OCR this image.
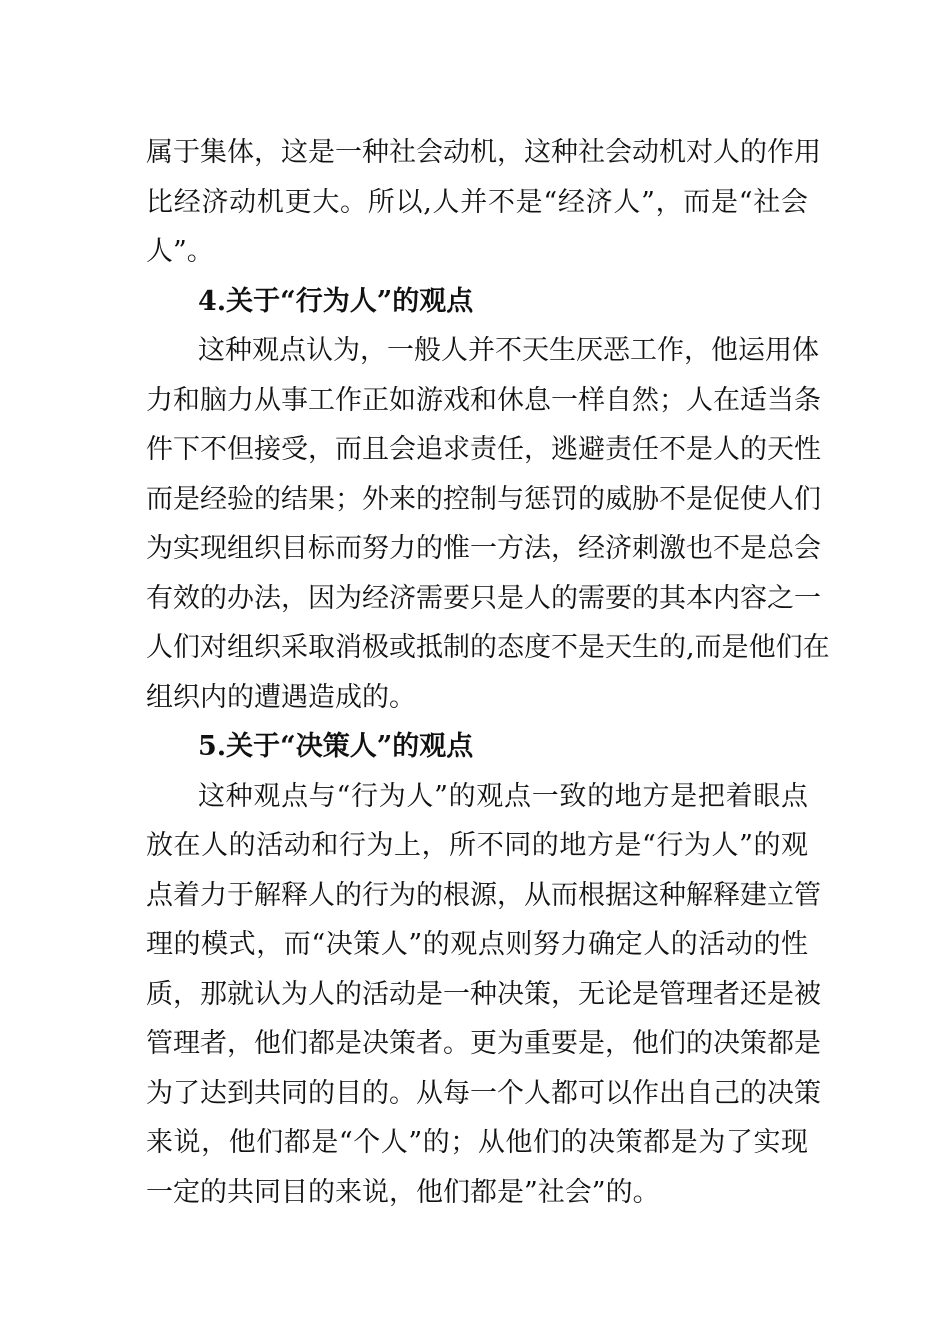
属于集体，这是一种社会动机，这种社会动机对人的作用
比经济动机更大。所以,人并不是“经济人”，而是“社会
人”。
4.关于“行为人”的观点
这种观点认为，一般人并不天生厌恶工作，他运用体
力和脑力从事工作正如游戏和休息一样自然；人在适当条
件下不但接受，而且会追求责任，逃避责任不是人的天性
而是经验的结果；外来的控制与惩罚的威胁不是促使人们
为实现组织目标而努力的惟一方法，经济刺激也不是总会
有效的办法，因为经济需要只是人的需要的其本内容之一
人们对组织采取消极或抵制的态度不是天生的,而是他们在
组织内的遭遇造成的。
5.关于“决策人”的观点
这种观点与“行为人”的观点一致的地方是把着眼点
放在人的活动和行为上，所不同的地方是“行为人”的观
点着力于解释人的行为的根源，从而根据这种解释建立管
理的模式，而“决策人”的观点则努力确定人的活动的性
质，那就认为人的活动是一种决策，无论是管理者还是被
管理者，他们都是决策者。更为重要是，他们的决策都是
为了达到共同的目的。从每一个人都可以作出自己的决策
来说，他们都是“个人”的；从他们的决策都是为了实现
一定的共同目的来说，他们都是”社会”的。
